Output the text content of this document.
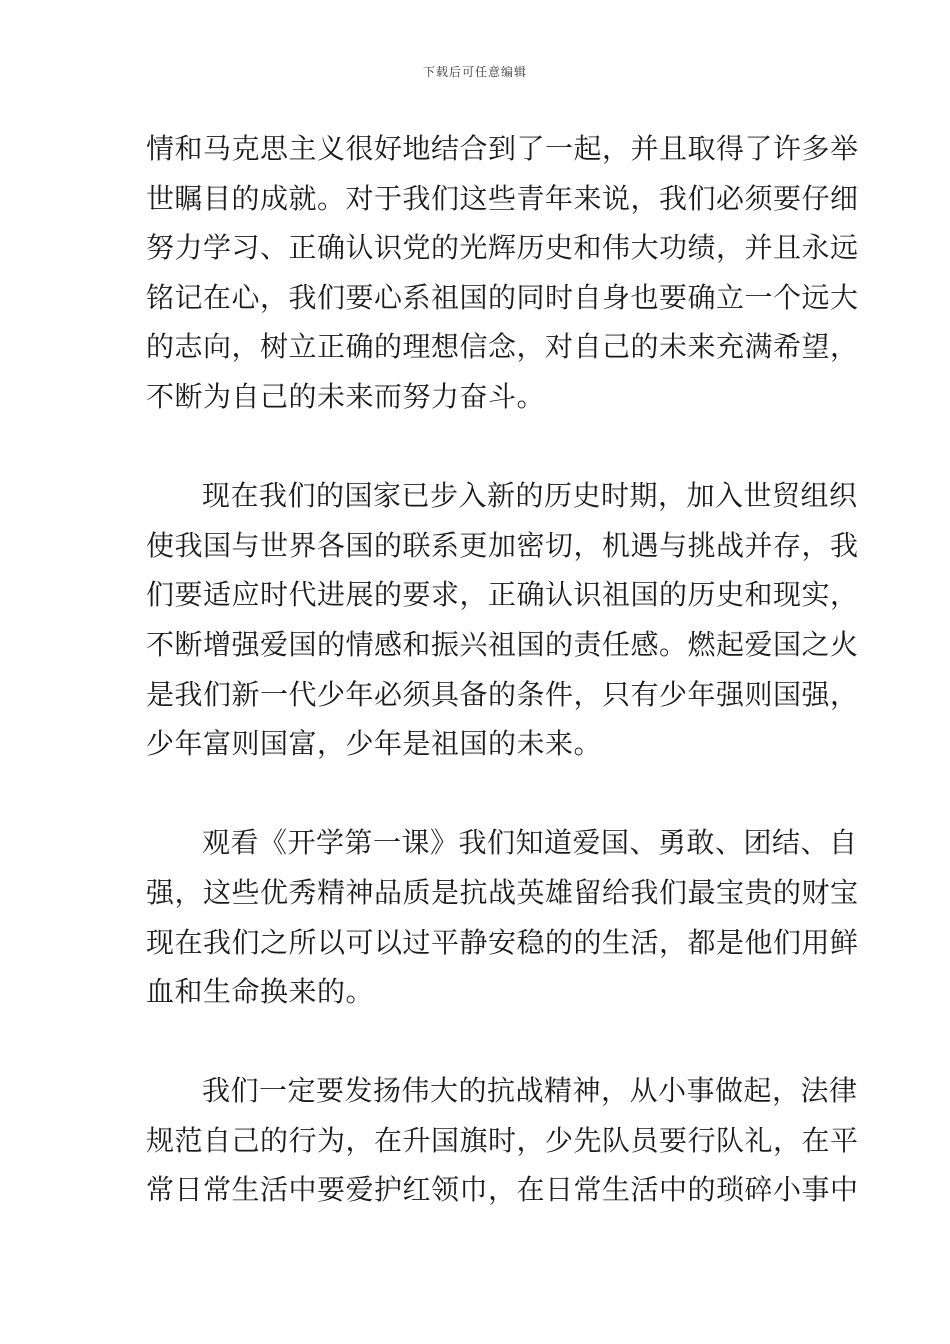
下载后可任意编辑

情和马克思主义很好地结合到了一起，并且取得了许多举
世瞩目的成就。对于我们这些青年来说，我们必须要仔细
努力学习、正确认识党的光辉历史和伟大功绩，并且永远
铭记在心，我们要心系祖国的同时自身也要确立一个远大
的志向，树立正确的理想信念，对自己的未来充满希望，
不断为自己的未来而努力奋斗。

现在我们的国家已步入新的历史时期，加入世贸组织
使我国与世界各国的联系更加密切，机遇与挑战并存，我
们要适应时代进展的要求，正确认识祖国的历史和现实，
不断增强爱国的情感和振兴祖国的责任感。燃起爱国之火
是我们新一代少年必须具备的条件，只有少年强则国强，
少年富则国富，少年是祖国的未来。

观看《开学第一课》我们知道爱国、勇敢、团结、自
强，这些优秀精神品质是抗战英雄留给我们最宝贵的财宝
现在我们之所以可以过平静安稳的的生活，都是他们用鲜
血和生命换来的。

我们一定要发扬伟大的抗战精神，从小事做起，法律
规范自己的行为，在升国旗时，少先队员要行队礼，在平
常日常生活中要爱护红领巾，在日常生活中的琐碎小事中
